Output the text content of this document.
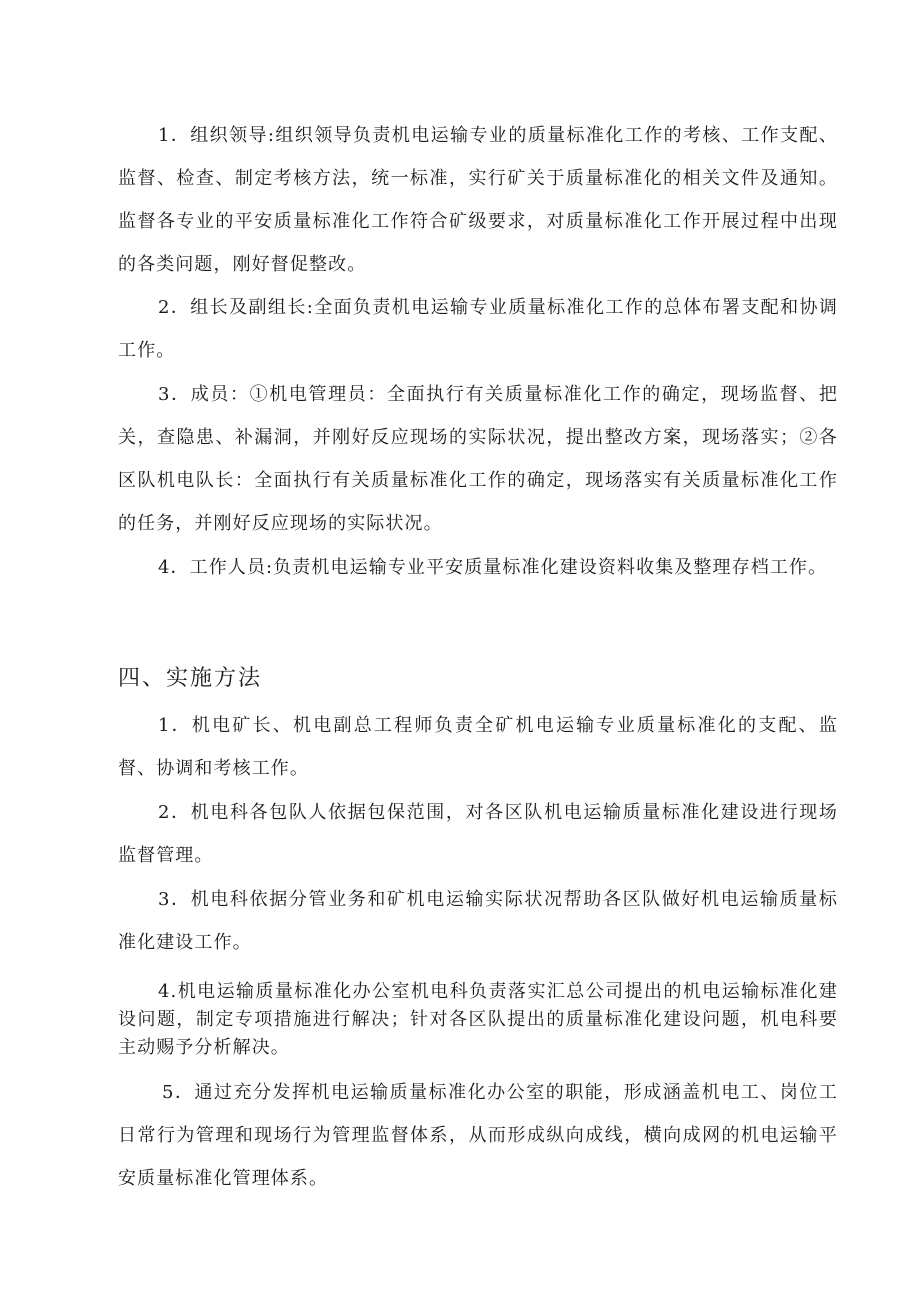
1．组织领导:组织领导负责机电运输专业的质量标准化工作的考核、工作支配、监督、检查、制定考核方法，统一标准，实行矿关于质量标准化的相关文件及通知。监督各专业的平安质量标准化工作符合矿级要求，对质量标准化工作开展过程中出现的各类问题，刚好督促整改。

2．组长及副组长:全面负责机电运输专业质量标准化工作的总体布署支配和协调工作。

3．成员：①机电管理员：全面执行有关质量标准化工作的确定，现场监督、把关，查隐患、补漏洞，并刚好反应现场的实际状况，提出整改方案，现场落实；②各区队机电队长：全面执行有关质量标准化工作的确定，现场落实有关质量标准化工作的任务，并刚好反应现场的实际状况。

4．工作人员:负责机电运输专业平安质量标准化建设资料收集及整理存档工作。

四、实施方法

1．机电矿长、机电副总工程师负责全矿机电运输专业质量标准化的支配、监督、协调和考核工作。

2．机电科各包队人依据包保范围，对各区队机电运输质量标准化建设进行现场监督管理。

3．机电科依据分管业务和矿机电运输实际状况帮助各区队做好机电运输质量标准化建设工作。

4.机电运输质量标准化办公室机电科负责落实汇总公司提出的机电运输标准化建设问题，制定专项措施进行解决；针对各区队提出的质量标准化建设问题，机电科要主动赐予分析解决。

5．通过充分发挥机电运输质量标准化办公室的职能，形成涵盖机电工、岗位工日常行为管理和现场行为管理监督体系，从而形成纵向成线，横向成网的机电运输平安质量标准化管理体系。
